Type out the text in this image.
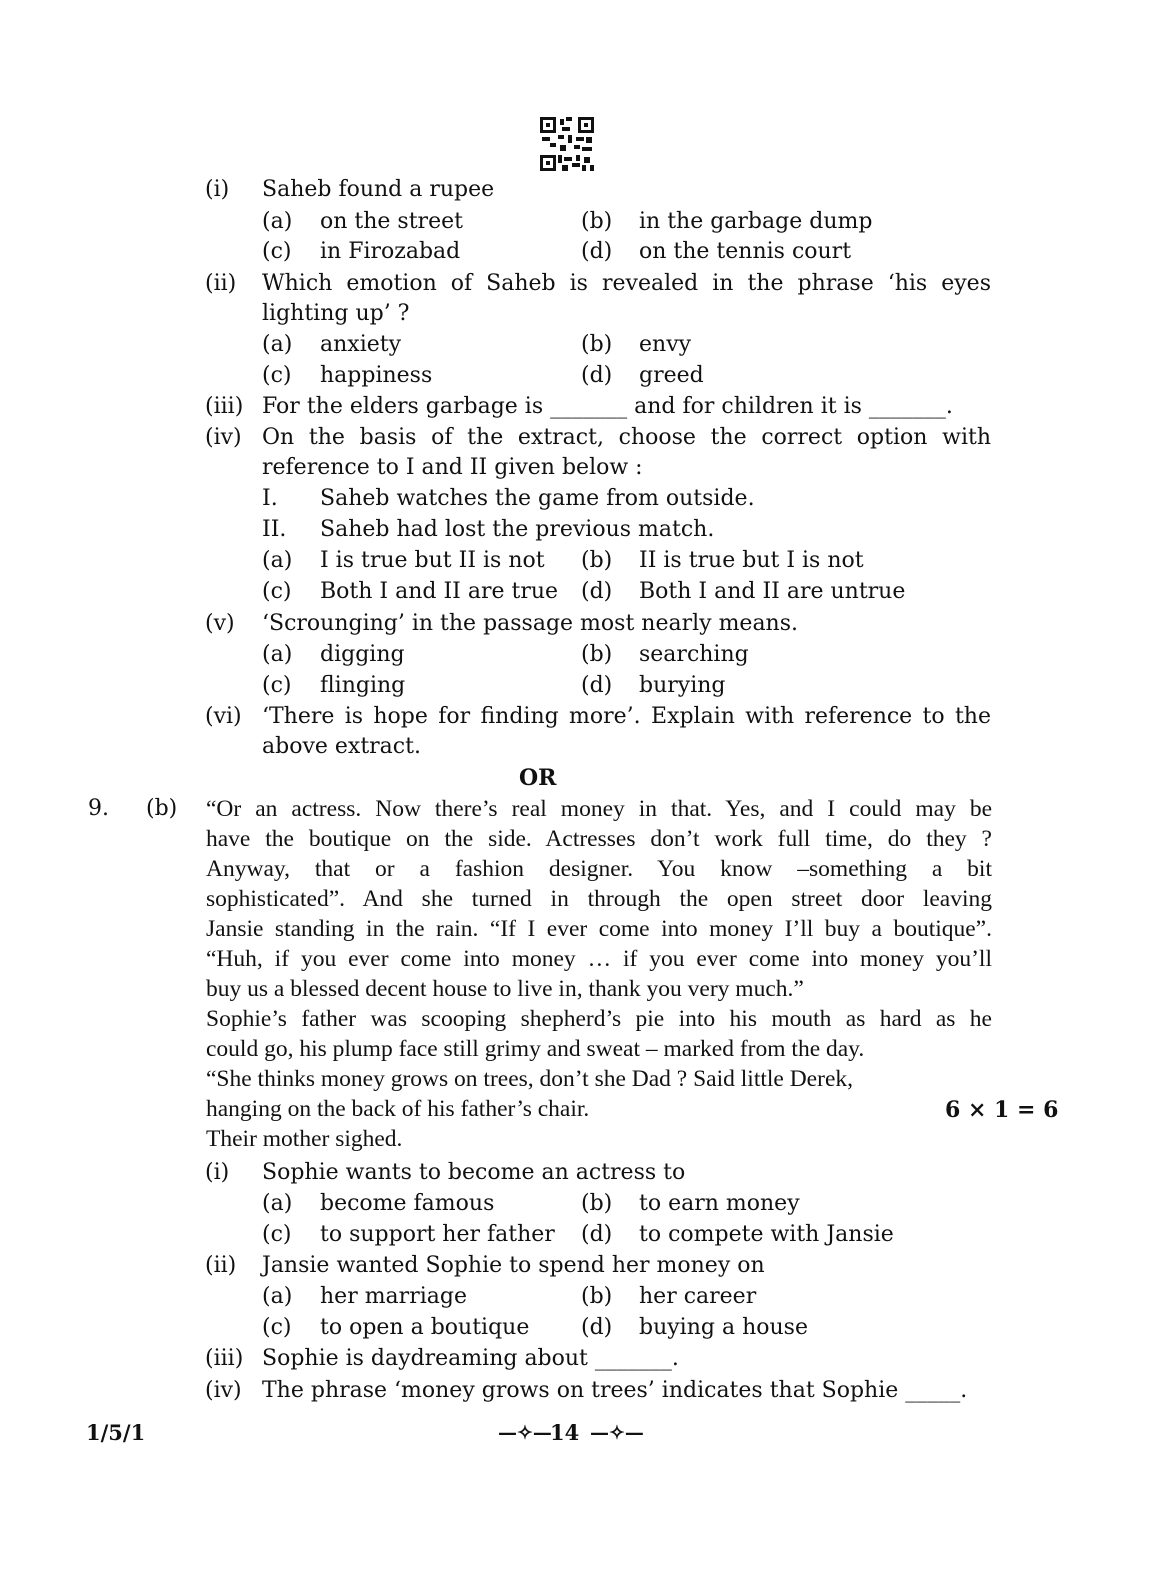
(i) Saheb found a rupee
(a) on the street	(b) in the garbage dump
(c) in Firozabad	(d) on the tennis court
(ii) Which emotion of Saheb is revealed in the phrase ‘his eyes
lighting up’ ?
(a) anxiety	(b) envy
(c) happiness	(d) greed
(iii) For the elders garbage is _______ and for children it is _______.
(iv) On the basis of the extract, choose the correct option with
reference to I and II given below :
I. Saheb watches the game from outside.
II. Saheb had lost the previous match.
(a) I is true but II is not (b) II is true but I is not
(c) Both I and II are true (d) Both I and II are untrue
(v) ‘Scrounging’ in the passage most nearly means.
(a) digging	(b) searching
(c) flinging	(d) burying
(vi) ‘There is hope for finding more’. Explain with reference to the
above extract.
OR
9. (b) “Or an actress. Now there’s real money in that. Yes, and I could may be
have the boutique on the side. Actresses don’t work full time, do they ?
Anyway, that or a fashion designer. You know –something a bit
sophisticated”. And she turned in through the open street door leaving
Jansie standing in the rain. “If I ever come into money I’ll buy a boutique”.
“Huh, if you ever come into money … if you ever come into money you’ll
buy us a blessed decent house to live in, thank you very much.”
Sophie’s father was scooping shepherd’s pie into his mouth as hard as he
could go, his plump face still grimy and sweat – marked from the day.
“She thinks money grows on trees, don’t she Dad ? Said little Derek,
hanging on the back of his father’s chair.
Their mother sighed.
6 × 1 = 6
(i) Sophie wants to become an actress to
(a) become famous	(b) to earn money
(c) to support her father (d) to compete with Jansie
(ii) Jansie wanted Sophie to spend her money on
(a) her marriage	(b) her career
(c) to open a boutique (d) buying a house
(iii) Sophie is daydreaming about _______.
(iv) The phrase ‘money grows on trees’ indicates that Sophie _____.
1/5/1	—✧—
14 —✧—
